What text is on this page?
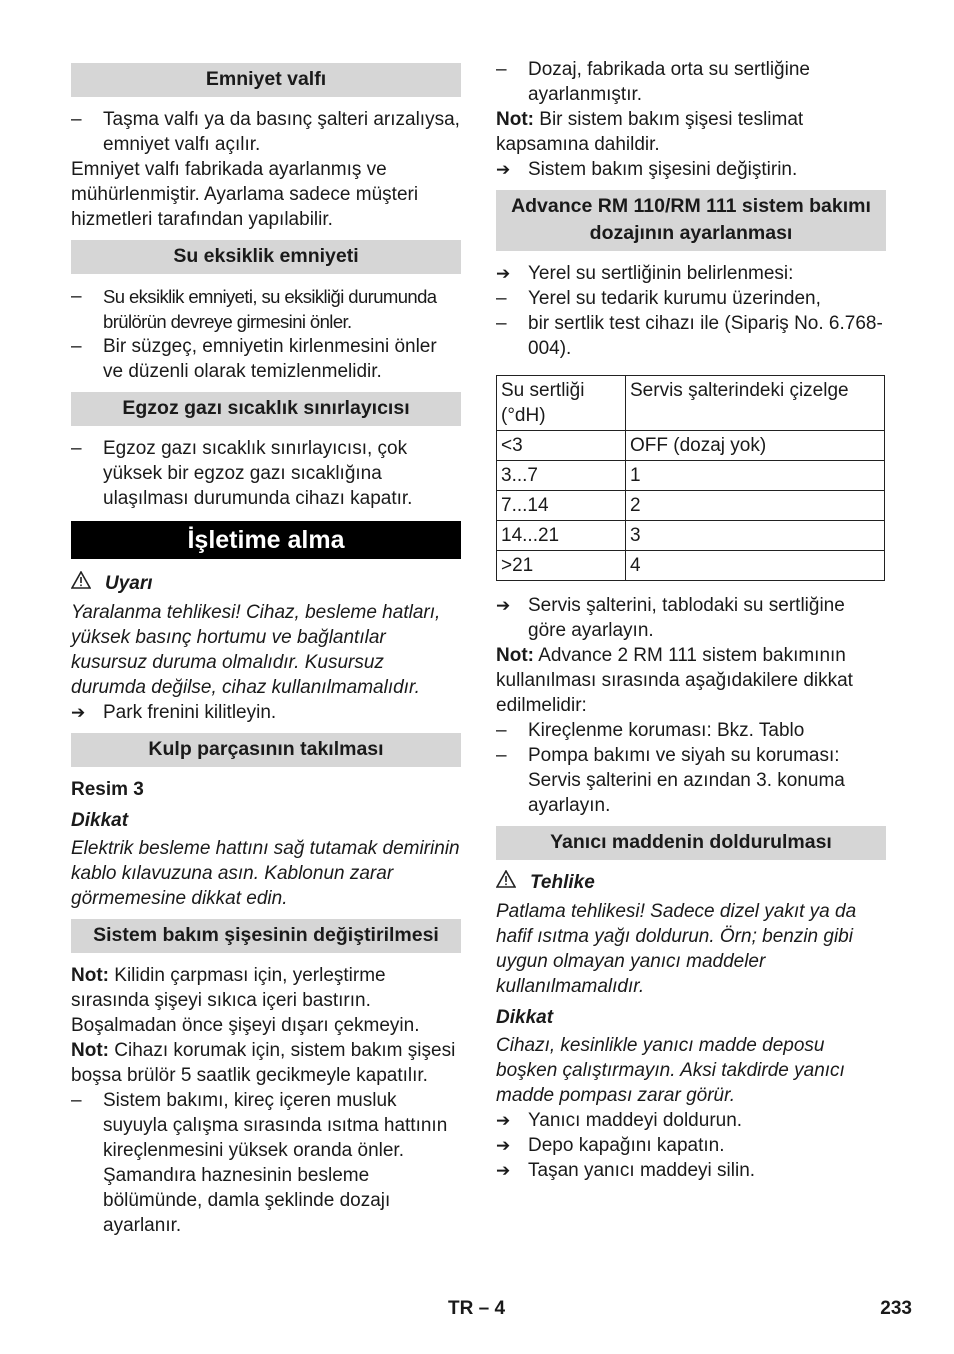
Emniyet valfı
–	Taşma valfı ya da basınç şalteri arızalıysa, emniyet valfı açılır.

Emniyet valfı fabrikada ayarlanmış ve mühürlenmiştir. Ayarlama sadece müşteri hizmetleri tarafından yapılabilir.

Su eksiklik emniyeti
–	Su eksiklik emniyeti, su eksikliği durumunda brülörün devreye girmesini önler.
–	Bir süzgeç, emniyetin kirlenmesini önler ve düzenli olarak temizlenmelidir.
Egzoz gazı sıcaklık sınırlayıcısı
–	Egzoz gazı sıcaklık sınırlayıcısı, çok yüksek bir egzoz gazı sıcaklığına ulaşılması durumunda cihazı kapatır.
İşletime alma
Uyarı

Yaralanma tehlikesi! Cihaz, besleme hatları, yüksek basınç hortumu ve bağlantılar kusursuz duruma olmalıdır. Kusursuz durumda değilse, cihaz kullanılmamalıdır.

➔ Park frenini kilitleyin.
Kulp parçasının takılması
Resim 3
Dikkat

Elektrik besleme hattını sağ tutamak demirinin kablo kılavuzuna asın. Kablonun zarar görmemesine dikkat edin.

Sistem bakım şişesinin değiştirilmesi

Not: Kilidin çarpması için, yerleştirme sırasında şişeyi sıkıca içeri bastırın. Boşalmadan önce şişeyi dışarı çekmeyin.

Not: Cihazı korumak için, sistem bakım şişesi boşsa brülör 5 saatlik gecikmeyle kapatılır.

–	Sistem bakımı, kireç içeren musluk suyuyla çalışma sırasında ısıtma hattının kireçlenmesini yüksek oranda önler. Şamandıra haznesinin besleme bölümünde, damla şeklinde dozajı ayarlanır.
–	Dozaj, fabrikada orta su sertliğine ayarlanmıştır.

Not: Bir sistem bakım şişesi teslimat kapsamına dahildir.

➔ Sistem bakım şişesini değiştirin.
Advance RM 110/RM 111 sistem bakımı dozajının ayarlanması
➔ Yerel su sertliğinin belirlenmesi:
–	Yerel su tedarik kurumu üzerinden,
–	bir sertlik test cihazı ile (Sipariş No. 6.768-004).
Su sertliği (°dH)	Servis şalterindeki çizelge
<3	OFF (dozaj yok)
3...7	1
7...14	2
14...21	3
>21	4
➔ Servis şalterini, tablodaki su sertliğine göre ayarlayın.

Not: Advance 2 RM 111 sistem bakımının kullanılması sırasında aşağıdakilere dikkat edilmelidir:

–	Kireçlenme koruması: Bkz. Tablo
–	Pompa bakımı ve siyah su koruması: Servis şalterini en azından 3. konuma ayarlayın.
Yanıcı maddenin doldurulması
Tehlike

Patlama tehlikesi! Sadece dizel yakıt ya da hafif ısıtma yağı doldurun. Örn; benzin gibi uygun olmayan yanıcı maddeler kullanılmamalıdır.

Dikkat

Cihazı, kesinlikle yanıcı madde deposu boşken çalıştırmayın. Aksi takdirde yanıcı madde pompası zarar görür.

➔ Yanıcı maddeyi doldurun.
➔ Depo kapağını kapatın.
➔ Taşan yanıcı maddeyi silin.
TR – 4	233
